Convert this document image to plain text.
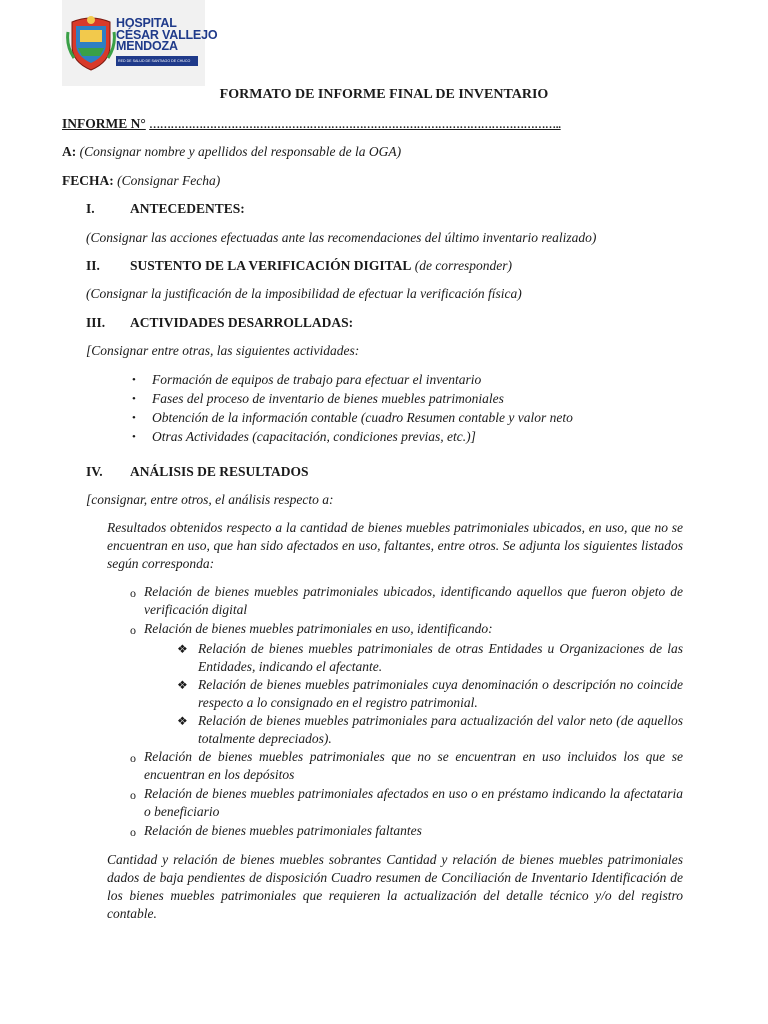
HOSPITAL
CÉSAR VALLEJO
MENDOZA
RED DE SALUD DE SANTIAGO DE CHUCO
FORMATO DE INFORME FINAL DE INVENTARIO
INFORME N° ……………………………………………………………………………………………………..
A: (Consignar nombre y apellidos del responsable de la OGA)
FECHA: (Consignar Fecha)
I.	ANTECEDENTES:
(Consignar las acciones efectuadas ante las recomendaciones del último inventario realizado)
II. SUSTENTO DE LA VERIFICACIÓN DIGITAL (de corresponder)
(Consignar la justificación de la imposibilidad de efectuar la verificación física)
III. ACTIVIDADES DESARROLLADAS:
[Consignar entre otras, las siguientes actividades:
• Formación de equipos de trabajo para efectuar el inventario
• Fases del proceso de inventario de bienes muebles patrimoniales
• Obtención de la información contable (cuadro Resumen contable y valor neto
• Otras Actividades (capacitación, condiciones previas, etc.)]
IV. ANÁLISIS DE RESULTADOS
[consignar, entre otros, el análisis respecto a:
Resultados obtenidos respecto a la cantidad de bienes muebles patrimoniales ubicados, en uso, que no se encuentran en uso, que han sido afectados en uso, faltantes, entre otros. Se adjunta los siguientes listados según corresponda:
o Relación de bienes muebles patrimoniales ubicados, identificando aquellos que fueron objeto de verificación digital
o Relación de bienes muebles patrimoniales en uso, identificando:
❖ Relación de bienes muebles patrimoniales de otras Entidades u Organizaciones de las Entidades, indicando el afectante.
❖ Relación de bienes muebles patrimoniales cuya denominación o descripción no coincide respecto a lo consignado en el registro patrimonial.
❖ Relación de bienes muebles patrimoniales para actualización del valor neto (de aquellos totalmente depreciados).
o Relación de bienes muebles patrimoniales que no se encuentran en uso incluidos los que se encuentran en los depósitos
o Relación de bienes muebles patrimoniales afectados en uso o en préstamo indicando la afectataria o beneficiario
o Relación de bienes muebles patrimoniales faltantes
Cantidad y relación de bienes muebles sobrantes Cantidad y relación de bienes muebles patrimoniales dados de baja pendientes de disposición Cuadro resumen de Conciliación de Inventario Identificación de los bienes muebles patrimoniales que requieren la actualización del detalle técnico y/o del registro contable.
